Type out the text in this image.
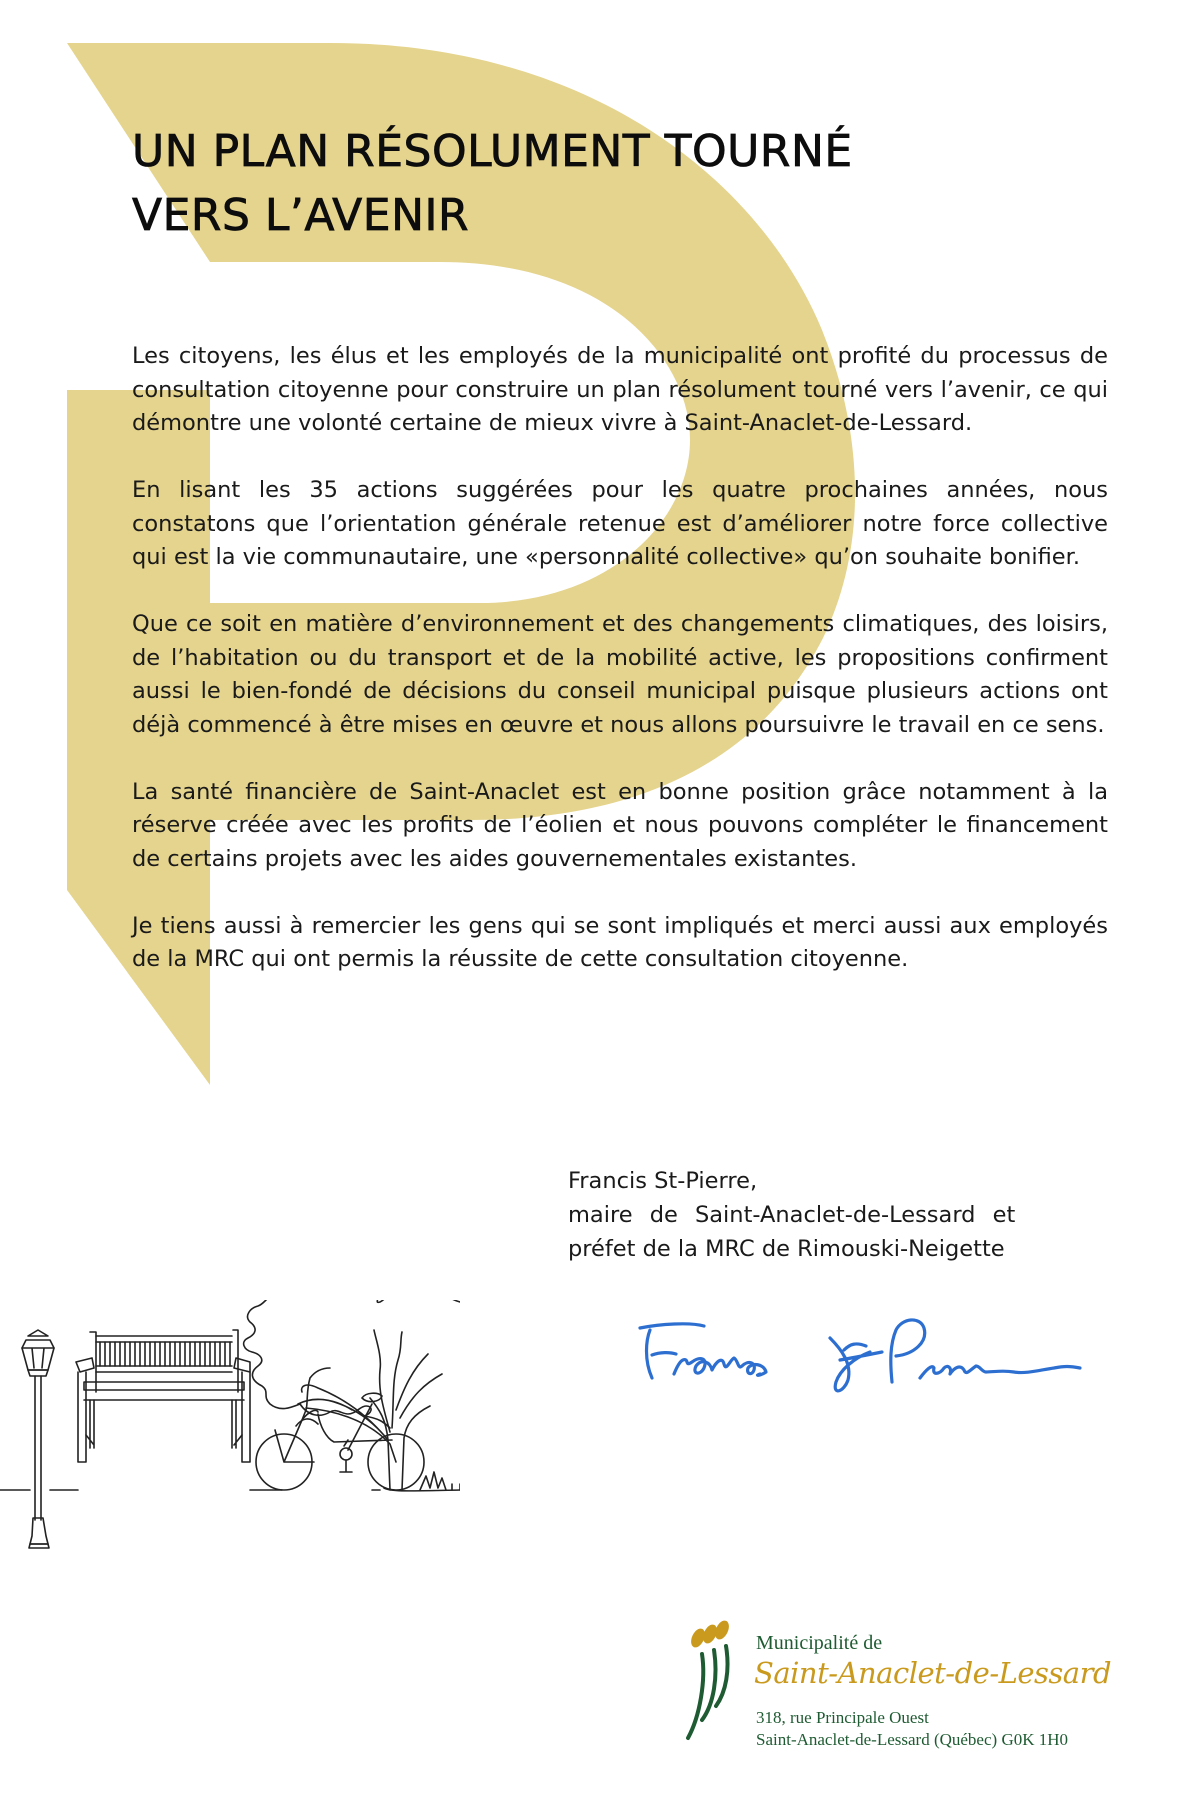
UN PLAN RÉSOLUMENT TOURNÉ
VERS L’AVENIR

Les citoyens, les élus et les employés de la municipalité ont profité du processus de consultation citoyenne pour construire un plan résolument tourné vers l’avenir, ce qui démontre une volonté certaine de mieux vivre à Saint-Anaclet-de-Lessard.

En lisant les 35 actions suggérées pour les quatre prochaines années, nous constatons que l’orientation générale retenue est d’améliorer notre force collective qui est la vie communautaire, une «personnalité collective» qu’on souhaite bonifier.

Que ce soit en matière d’environnement et des changements climatiques, des loisirs, de l’habitation ou du transport et de la mobilité active, les propositions confirment aussi le bien-fondé de décisions du conseil municipal puisque plusieurs actions ont déjà commencé à être mises en œuvre et nous allons poursuivre le travail en ce sens.

La santé financière de Saint-Anaclet est en bonne position grâce notamment à la réserve créée avec les profits de l’éolien et nous pouvons compléter le financement de certains projets avec les aides gouvernementales existantes.

Je tiens aussi à remercier les gens qui se sont impliqués et merci aussi aux employés de la MRC qui ont permis la réussite de cette consultation citoyenne.

Francis St-Pierre,
maire de Saint-Anaclet-de-Lessard et
préfet de la MRC de Rimouski-Neigette
Municipalité de
Saint-Anaclet-de-Lessard
318, rue Principale Ouest
Saint-Anaclet-de-Lessard (Québec) G0K 1H0
